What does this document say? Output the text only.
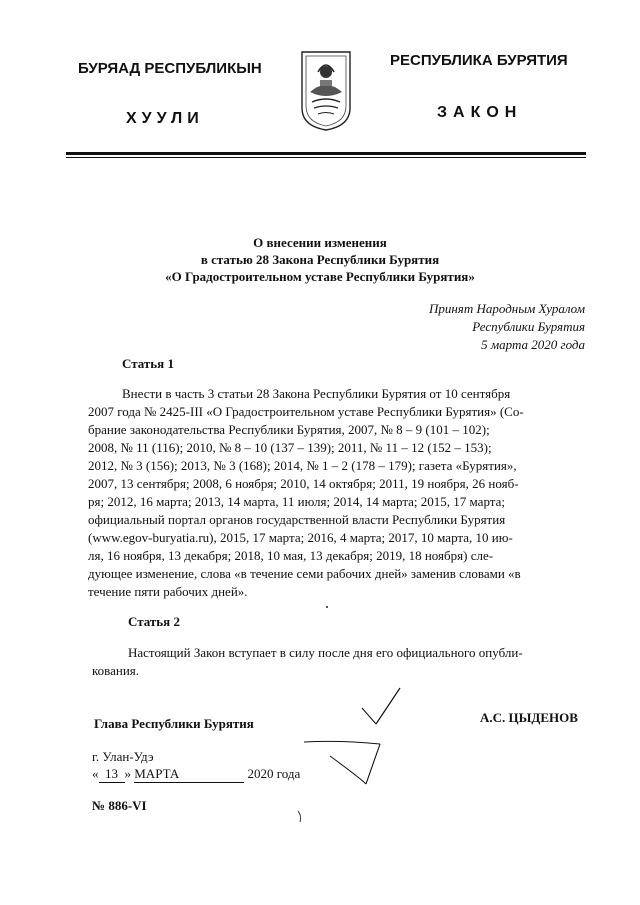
БУРЯАД РЕСПУБЛИКЫН
ХУУЛИ
РЕСПУБЛИКА БУРЯТИЯ
ЗАКОН
О внесении изменения
в статью 28 Закона Республики Бурятия
«О Градостроительном уставе Республики Бурятия»
Принят Народным Хуралом
Республики Бурятия
5 марта 2020 года
Статья 1
Внести в часть 3 статьи 28 Закона Республики Бурятия от 10 сентября
2007 года № 2425-III «О Градостроительном уставе Республики Бурятия» (Со-
брание законодательства Республики Бурятия, 2007, № 8 – 9 (101 – 102);
2008, № 11 (116); 2010, № 8 – 10 (137 – 139); 2011, № 11 – 12 (152 – 153);
2012, № 3 (156); 2013, № 3 (168); 2014, № 1 – 2 (178 – 179); газета «Бурятия»,
2007, 13 сентября; 2008, 6 ноября; 2010, 14 октября; 2011, 19 ноября, 26 нояб-
ря; 2012, 16 марта; 2013, 14 марта, 11 июля; 2014, 14 марта; 2015, 17 марта;
официальный портал органов государственной власти Республики Бурятия
(www.egov-buryatia.ru), 2015, 17 марта; 2016, 4 марта; 2017, 10 марта, 10 ию-
ля, 16 ноября, 13 декабря; 2018, 10 мая, 13 декабря; 2019, 18 ноября) сле-
дующее изменение, слова «в течение семи рабочих дней» заменив словами «в
течение пяти рабочих дней».
Статья 2
Настоящий Закон вступает в силу после дня его официального опубли-
кования.
Глава Республики Бурятия	А.С. ЦЫДЕНОВ
г. Улан-Удэ
« 13 » МАРТА	2020 года
№ 886-VI
